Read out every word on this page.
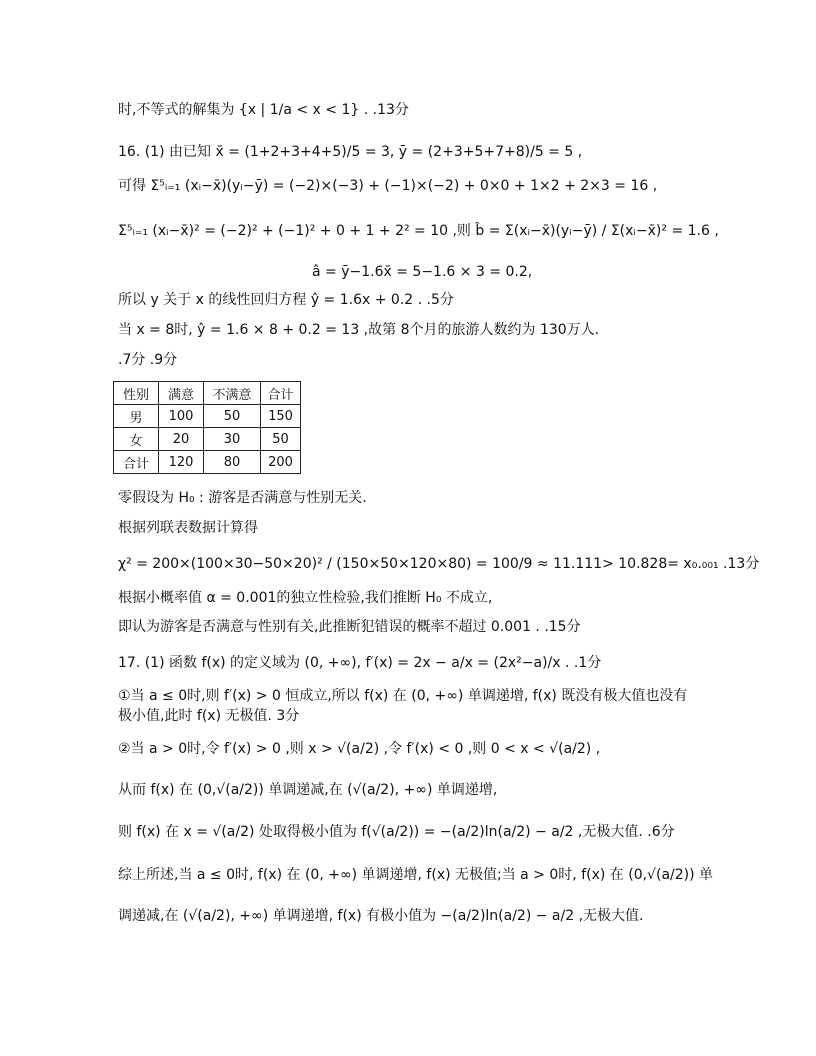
时,不等式的解集为 {x | 1/a < x < 1} . .13分
16. (1) 由已知 x̄ = (1+2+3+4+5)/5 = 3, ȳ = (2+3+5+7+8)/5 = 5 ,
可得 Σ⁵ᵢ₌₁ (xᵢ−x̄)(yᵢ−ȳ) = (−2)×(−3) + (−1)×(−2) + 0×0 + 1×2 + 2×3 = 16 ,
Σ⁵ᵢ₌₁ (xᵢ−x̄)² = (−2)² + (−1)² + 0 + 1 + 2² = 10 ,则 b̂ = Σ(xᵢ−x̄)(yᵢ−ȳ) / Σ(xᵢ−x̄)² = 1.6 ,
â = ȳ−1.6x̄ = 5−1.6 × 3 = 0.2,
所以 y 关于 x 的线性回归方程 ŷ = 1.6x + 0.2 . .5分
当 x = 8时, ŷ = 1.6 × 8 + 0.2 = 13 ,故第 8个月的旅游人数约为 130万人.
.7分 .9分
性别	满意	不满意	合计
男	100	50	150
女	20	30	50
合计	120	80	200
零假设为 H₀ : 游客是否满意与性别无关.
根据列联表数据计算得
χ² = 200×(100×30−50×20)² / (150×50×120×80) = 100/9 ≈ 11.111> 10.828= x₀.₀₀₁ .13分
根据小概率值 α = 0.001的独立性检验,我们推断 H₀ 不成立,
即认为游客是否满意与性别有关,此推断犯错误的概率不超过 0.001 . .15分
17. (1) 函数 f(x) 的定义域为 (0, +∞), f′(x) = 2x − a/x = (2x²−a)/x . .1分
①当 a ≤ 0时,则 f′(x) > 0 恒成立,所以 f(x) 在 (0, +∞) 单调递增, f(x) 既没有极大值也没有
极小值,此时 f(x) 无极值. 3分
②当 a > 0时,令 f′(x) > 0 ,则 x > √(a/2) ,令 f′(x) < 0 ,则 0 < x < √(a/2) ,
从而 f(x) 在 (0,√(a/2)) 单调递减,在 (√(a/2), +∞) 单调递增,
则 f(x) 在 x = √(a/2) 处取得极小值为 f(√(a/2)) = −(a/2)ln(a/2) − a/2 ,无极大值. .6分
综上所述,当 a ≤ 0时, f(x) 在 (0, +∞) 单调递增, f(x) 无极值;当 a > 0时, f(x) 在 (0,√(a/2)) 单
调递减,在 (√(a/2), +∞) 单调递增, f(x) 有极小值为 −(a/2)ln(a/2) − a/2 ,无极大值.
